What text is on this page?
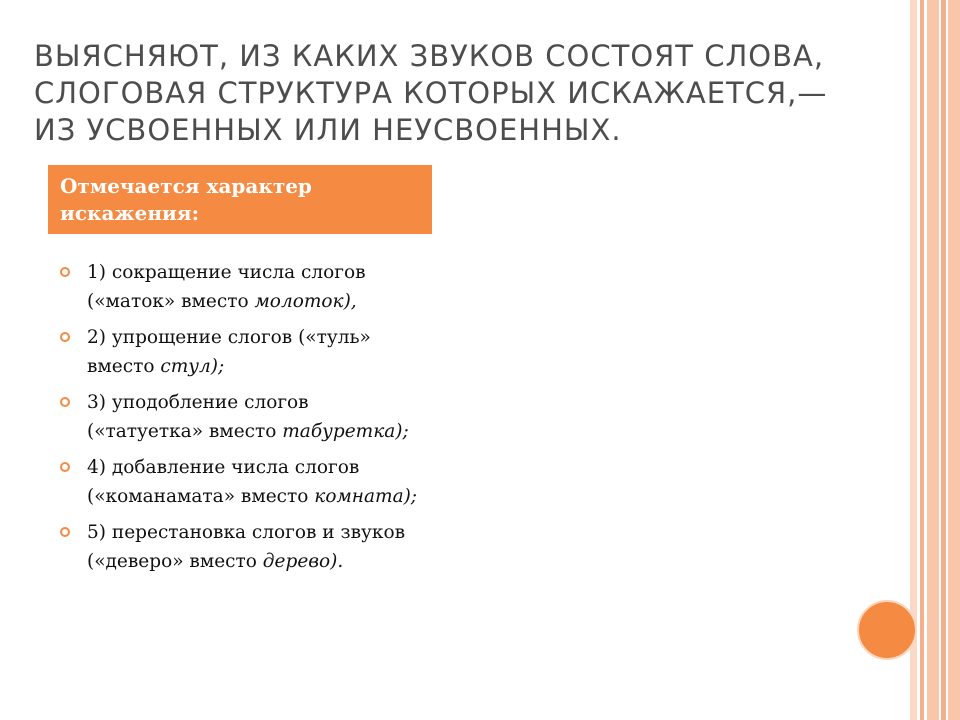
ВЫЯСНЯЮТ, ИЗ КАКИХ ЗВУКОВ СОСТОЯТ СЛОВА,
СЛОГОВАЯ СТРУКТУРА КОТОРЫХ ИСКАЖАЕТСЯ,—
ИЗ УСВОЕННЫХ ИЛИ НЕУСВОЕННЫХ.
Отмечается характер
искажения:
1) сокращение числа слогов («маток» вместо молоток),
2) упрощение слогов («туль» вместо стул);
3) уподобление слогов («татуетка» вместо табуретка);
4) добавление числа слогов («команамата» вместо комната);
5) перестановка слогов и звуков («деверо» вместо дерево).
